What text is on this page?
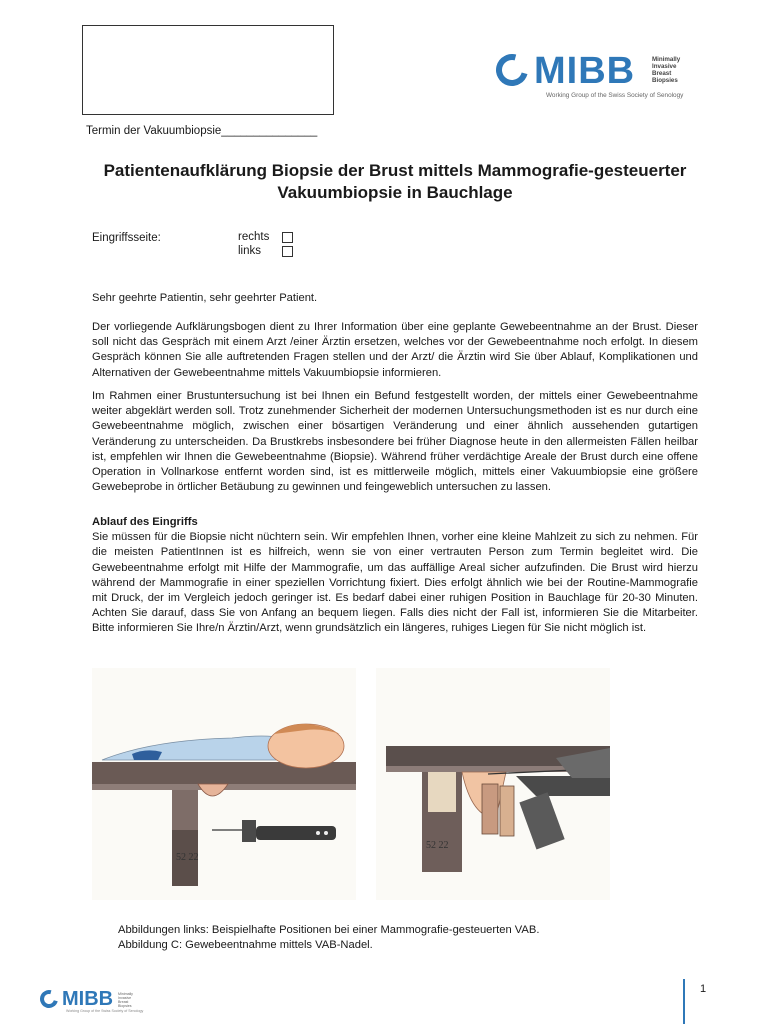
Termin der Vakuumbiopsie_______________
MIBB	Minimally
Invasive
Breast
Biopsies
Working Group of the Swiss Society of Senology
Patientenaufklärung Biopsie der Brust mittels Mammografie-gesteuerter
Vakuumbiopsie in Bauchlage
Eingriffsseite:	rechts
links

Sehr geehrte Patientin, sehr geehrter Patient.

Der vorliegende Aufklärungsbogen dient zu Ihrer Information über eine geplante Gewebeentnahme an der Brust. Dieser soll nicht das Gespräch mit einem Arzt /einer Ärztin ersetzen, welches vor der Gewebeentnahme noch erfolgt. In diesem Gespräch können Sie alle auftretenden Fragen stellen und der Arzt/ die Ärztin wird Sie über Ablauf, Komplikationen und Alternativen der Gewebeentnahme mittels Vakuumbiopsie informieren.

Im Rahmen einer Brustuntersuchung ist bei Ihnen ein Befund festgestellt worden, der mittels einer Gewebeentnahme weiter abgeklärt werden soll. Trotz zunehmender Sicherheit der modernen Untersuchungsmethoden ist es nur durch eine Gewebeentnahme möglich, zwischen einer bösartigen Veränderung und einer ähnlich aussehenden gutartigen Veränderung zu unterscheiden. Da Brustkrebs insbesondere bei früher Diagnose heute in den allermeisten Fällen heilbar ist, empfehlen wir Ihnen die Gewebeentnahme (Biopsie). Während früher verdächtige Areale der Brust durch eine offene Operation in Vollnarkose entfernt worden sind, ist es mittlerweile möglich, mittels einer Vakuumbiopsie eine größere Gewebeprobe in örtlicher Betäubung zu gewinnen und feingeweblich untersuchen zu lassen.

Ablauf des Eingriffs
Sie müssen für die Biopsie nicht nüchtern sein. Wir empfehlen Ihnen, vorher eine kleine Mahlzeit zu sich zu nehmen. Für die meisten PatientInnen ist es hilfreich, wenn sie von einer vertrauten Person zum Termin begleitet wird. Die Gewebeentnahme erfolgt mit Hilfe der Mammografie, um das auffällige Areal sicher aufzufinden. Die Brust wird hierzu während der Mammografie in einer speziellen Vorrichtung fixiert. Dies erfolgt ähnlich wie bei der Routine-Mammografie mit Druck, der im Vergleich jedoch geringer ist. Es bedarf dabei einer ruhigen Position in Bauchlage für 20-30 Minuten. Achten Sie darauf, dass Sie von Anfang an bequem liegen. Falls dies nicht der Fall ist, informieren Sie die Mitarbeiter. Bitte informieren Sie Ihre/n Ärztin/Arzt, wenn grundsätzlich ein längeres, ruhiges Liegen für Sie nicht möglich ist.

52 22
52 22
Abbildungen links: Beispielhafte Positionen bei einer Mammografie-gesteuerten VAB.
Abbildung C: Gewebeentnahme mittels VAB-Nadel.
MIBB Minimally
Invasive
Breast
Biopsies
Working Group of the Swiss Society of Senology
1
